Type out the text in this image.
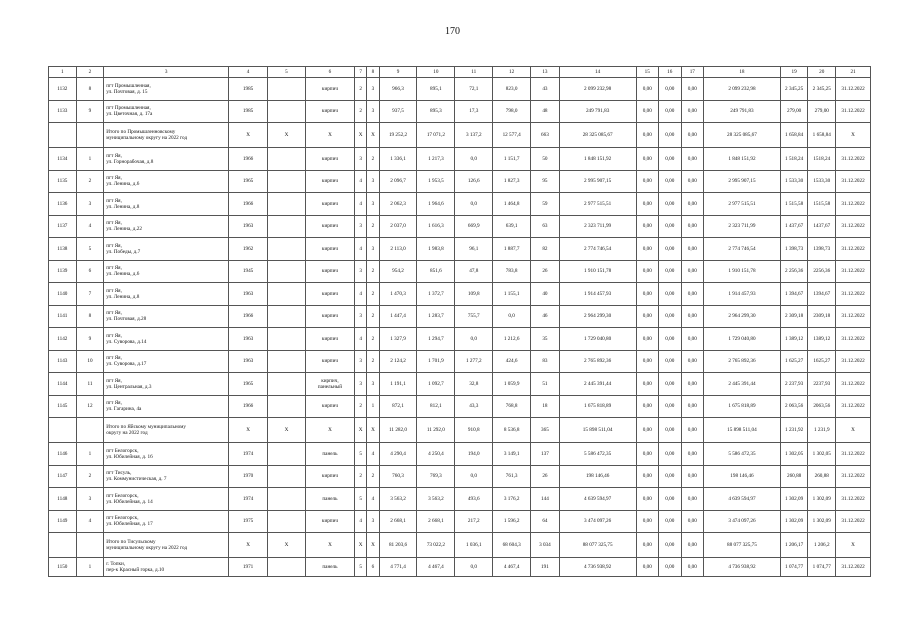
170
1	2	3	4	5	6	7	8	9	10	11	12	13	14	15	16	17	18	19	20	21
1132	8	пгт Промышленная,
ул. Почтовая, д. 15	1985		кирпич	2	3	966,3	895,1	72,1	823,0	43	2 099 232,98	0,00	0,00	0,00	2 099 232,98	2 345,25	2 345,25	31.12.2022
1133	9	пгт Промышленная,
ул. Цветочная, д. 17а	1985		кирпич	2	3	937,5	895,3	17,3	798,0	48	249 791,83	0,00	0,00	0,00	249 791,83	279,00	279,00	31.12.2022
		Итого по Промышленновскому
муниципальному округу на 2022 год	X	X	X	X	X	19 252,2	17 071,2	3 137,2	12 577,4	663	28 325 085,67	0,00	0,00	0,00	28 325 085,67	1 658,84	1 658,84	X
1134	1	пгт Яя,
ул. Горнорабочая, д.8	1966		кирпич	3	2	1 336,1	1 217,3	0,0	1 151,7	50	1 848 151,92	0,00	0,00	0,00	1 848 151,92	1 518,24	1518,24	31.12.2022
1135	2	пгт Яя,
ул. Ленина, д.6	1965		кирпич	4	3	2 096,7	1 953,5	126,6	1 827,3	95	2 995 907,15	0,00	0,00	0,00	2 995 907,15	1 533,30	1533,30	31.12.2022
1136	3	пгт Яя,
ул. Ленина, д.8	1966		кирпич	4	3	2 062,3	1 964,6	0,0	1 464,8	59	2 977 515,51	0,00	0,00	0,00	2 977 515,51	1 515,58	1515,58	31.12.2022
1137	4	пгт Яя,
ул. Ленина, д.22	1963		кирпич	3	2	2 037,0	1 616,3	669,9	639,1	63	2 323 711,99	0,00	0,00	0,00	2 323 711,99	1 437,67	1437,67	31.12.2022
1138	5	пгт Яя,
ул. Победы, д.7	1962		кирпич	4	3	2 113,0	1 983,8	96,1	1 887,7	82	2 774 746,54	0,00	0,00	0,00	2 774 746,54	1 398,73	1398,73	31.12.2022
1139	6	пгт Яя,
ул. Ленина, д.6	1945		кирпич	3	2	954,2	851,6	47,8	783,8	26	1 910 151,78	0,00	0,00	0,00	1 910 151,78	2 256,36	2256,36	31.12.2022
1140	7	пгт Яя,
ул. Ленина, д.8	1963		кирпич	4	2	1 470,3	1 372,7	109,8	1 155,1	40	1 914 457,93	0,00	0,00	0,00	1 914 457,93	1 394,67	1394,67	31.12.2022
1141	8	пгт Яя,
ул. Почтовая, д.28	1966		кирпич	3	2	1 447,4	1 283,7	755,7	0,0	46	2 964 299,30	0,00	0,00	0,00	2 964 299,30	2 309,18	2309,18	31.12.2022
1142	9	пгт Яя,
ул. Суворова, д.14	1963		кирпич	4	2	1 327,9	1 294,7	0,0	1 212,6	35	1 729 040,80	0,00	0,00	0,00	1 729 040,80	1 389,12	1389,12	31.12.2022
1143	10	пгт Яя,
ул. Суворова, д.17	1963		кирпич	3	2	2 124,2	1 701,9	1 277,2	424,6	83	2 765 892,36	0,00	0,00	0,00	2 765 892,36	1 625,27	1625,27	31.12.2022
1144	11	пгт Яя,
ул. Центральная, д.3	1965		кирпич,
панельный	3	3	1 191,1	1 092,7	32,8	1 059,9	51	2 445 391,44	0,00	0,00	0,00	2 445 391,44	2 237,93	2237,93	31.12.2022
1145	12	пгт Яя,
ул. Гагарина, 4а	1966		кирпич	2	1	872,1	812,1	43,3	768,8	18	1 675 818,89	0,00	0,00	0,00	1 675 818,89	2 063,56	2063,56	31.12.2022
		Итого по Яйскому муниципальному
округу на 2022 год	X	X	X	X	X	11 282,0	11 292,0	910,8	8 536,8	365	15 898 511,04	0,00	0,00	0,00	15 898 511,04	1 231,92	1 231,9	X
1146	1	пгт Белогорск,
ул. Юбилейная, д. 16	1974		панель	5	4	4 290,4	4 250,4	194,0	3 149,1	137	5 586 472,35	0,00	0,00	0,00	5 586 472,35	1 302,05	1 302,05	31.12.2022
1147	2	пгт Тисуль,
ул. Коммунистическая, д. 7	1970		кирпич	2	2	760,3	769,3	0,0	761,3	26	198 146,46	0,00	0,00	0,00	198 146,46	260,88	260,88	31.12.2022
1148	3	пгт Белогорск,
ул. Юбилейная, д. 14	1974		панель	5	4	3 563,2	3 563,2	493,6	3 176,2	144	4 639 594,97	0,00	0,00	0,00	4 639 594,97	1 302,09	1 302,09	31.12.2022
1149	4	пгт Белогорск,
ул. Юбилейная, д. 17	1975		кирпич	4	3	2 668,1	2 668,1	217,2	1 596,2	64	3 474 097,26	0,00	0,00	0,00	3 474 097,26	1 302,09	1 302,09	31.12.2022
		Итого по Тисульскому
муниципальному округу на 2022 год	X	X	X	X	X	81 203,6	73 022,2	1 036,1	68 604,3	3 034	88 077 325,75	0,00	0,00	0,00	88 077 325,75	1 206,17	1 206,2	X
1150	1	г. Топки,
пер-к Красный горка, д.10	1971		панель	5	6	4 771,4	4 467,4	0,0	4 467,4	191	4 736 938,92	0,00	0,00	0,00	4 736 938,92	1 074,77	1 074,77	31.12.2022
